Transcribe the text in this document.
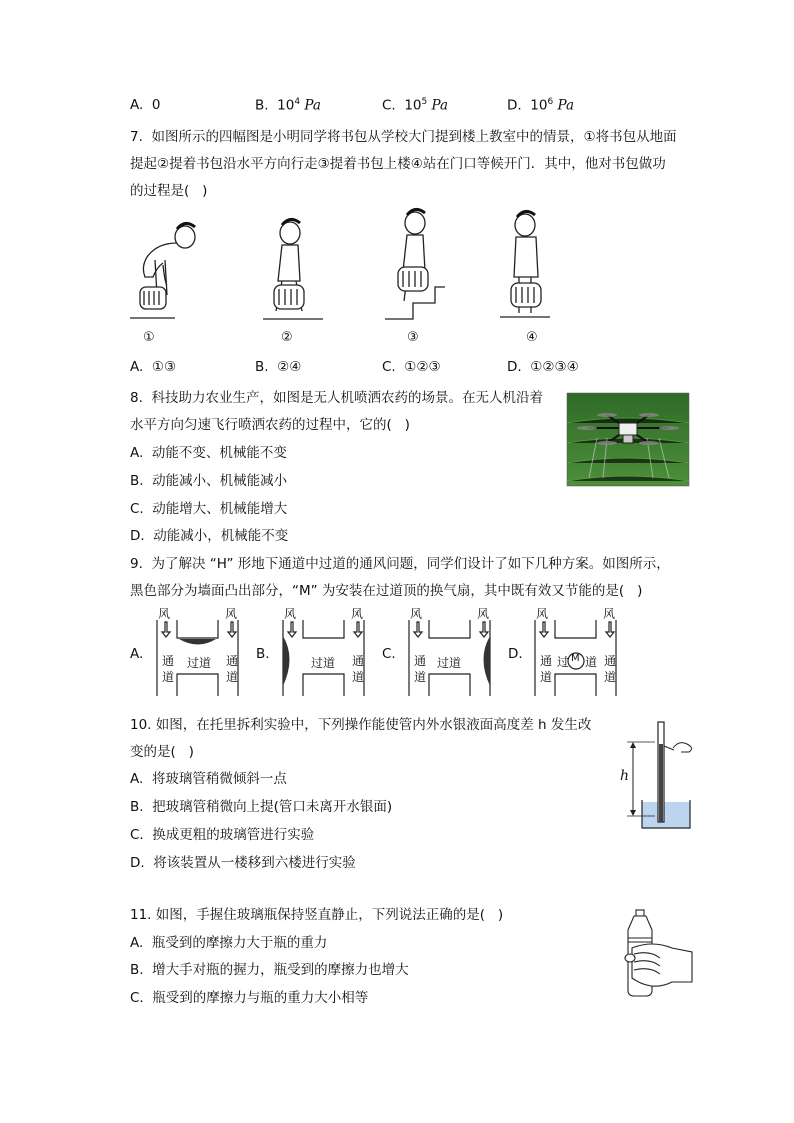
A. 0	B. $10^4$ Pa	C. $10^5$ Pa	D. $10^6$ Pa
7.  如图所示的四幅图是小明同学将书包从学校大门提到楼上教室中的情景，①将书包从地面
提起②提着书包沿水平方向行走③提着书包上楼④站在门口等候开门．其中，他对书包做功
的过程是(   )
①	②	③	④
A.  ①③	B.  ②④	C.  ①②③	D.  ①②③④
8.  科技助力农业生产，如图是无人机喷洒农药的场景。在无人机沿着
水平方向匀速飞行喷洒农药的过程中，它的(   )
A.  动能不变、机械能不变
B.  动能减小、机械能减小
C.  动能增大、机械能增大
D.  动能减小，机械能不变
9.  为了解决 “H” 形地下通道中过道的通风问题，同学们设计了如下几种方案。如图所示，
黑色部分为墙面凸出部分，“M” 为安装在过道顶的换气扇，其中既有效又节能的是(   )
A.	B.	C.	D.
风	风
通
道
通
道
过道
风	风
通
道
过道
风	风
通
道
过道
风	风
通
道
通
道
过 道
M
10. 如图，在托里拆利实验中，下列操作能使管内外水银液面高度差 h 发生改
变的是(   )
A.  将玻璃管稍微倾斜一点
B.  把玻璃管稍微向上提(管口未离开水银面)
C.  换成更粗的玻璃管进行实验
D.  将该装置从一楼移到六楼进行实验
h
11. 如图，手握住玻璃瓶保持竖直静止，下列说法正确的是(   )
A.  瓶受到的摩擦力大于瓶的重力
B.  增大手对瓶的握力，瓶受到的摩擦力也增大
C.  瓶受到的摩擦力与瓶的重力大小相等
